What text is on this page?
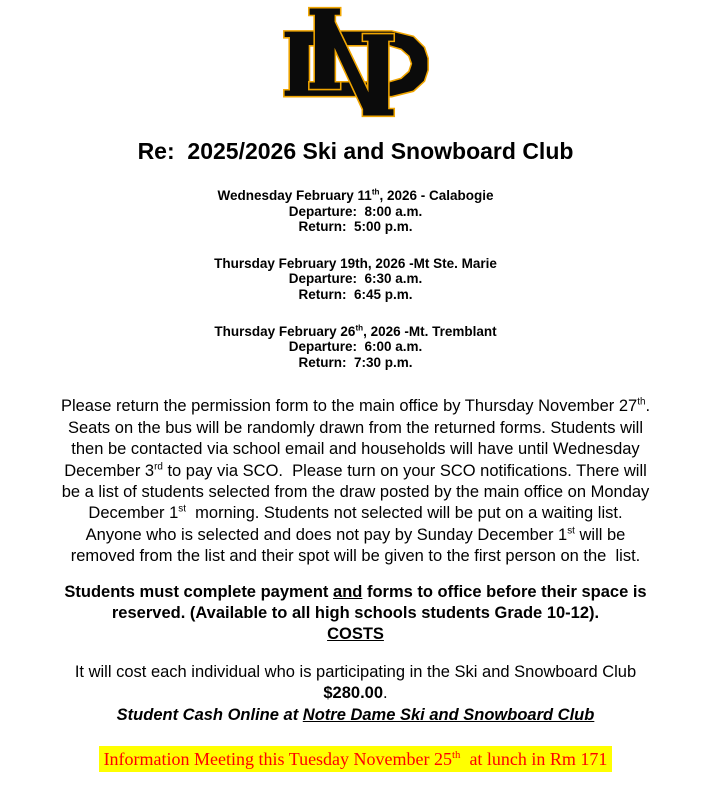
Re:  2025/2026 Ski and Snowboard Club
Wednesday February 11th, 2026 - Calabogie
Departure:  8:00 a.m.
Return:  5:00 p.m.
Thursday February 19th, 2026 -Mt Ste. Marie
Departure:  6:30 a.m.
Return:  6:45 p.m.
Thursday February 26th, 2026 -Mt. Tremblant
Departure:  6:00 a.m.
Return:  7:30 p.m.
Please return the permission form to the main office by Thursday November 27th.
Seats on the bus will be randomly drawn from the returned forms. Students will
then be contacted via school email and households will have until Wednesday
December 3rd to pay via SCO.  Please turn on your SCO notifications. There will
be a list of students selected from the draw posted by the main office on Monday
December 1st  morning. Students not selected will be put on a waiting list.
Anyone who is selected and does not pay by Sunday December 1st will be
removed from the list and their spot will be given to the first person on the  list.
Students must complete payment and forms to office before their space is
reserved. (Available to all high schools students Grade 10-12).
COSTS
It will cost each individual who is participating in the Ski and Snowboard Club
$280.00.
Student Cash Online at Notre Dame Ski and Snowboard Club
Information Meeting this Tuesday November 25th  at lunch in Rm 171
